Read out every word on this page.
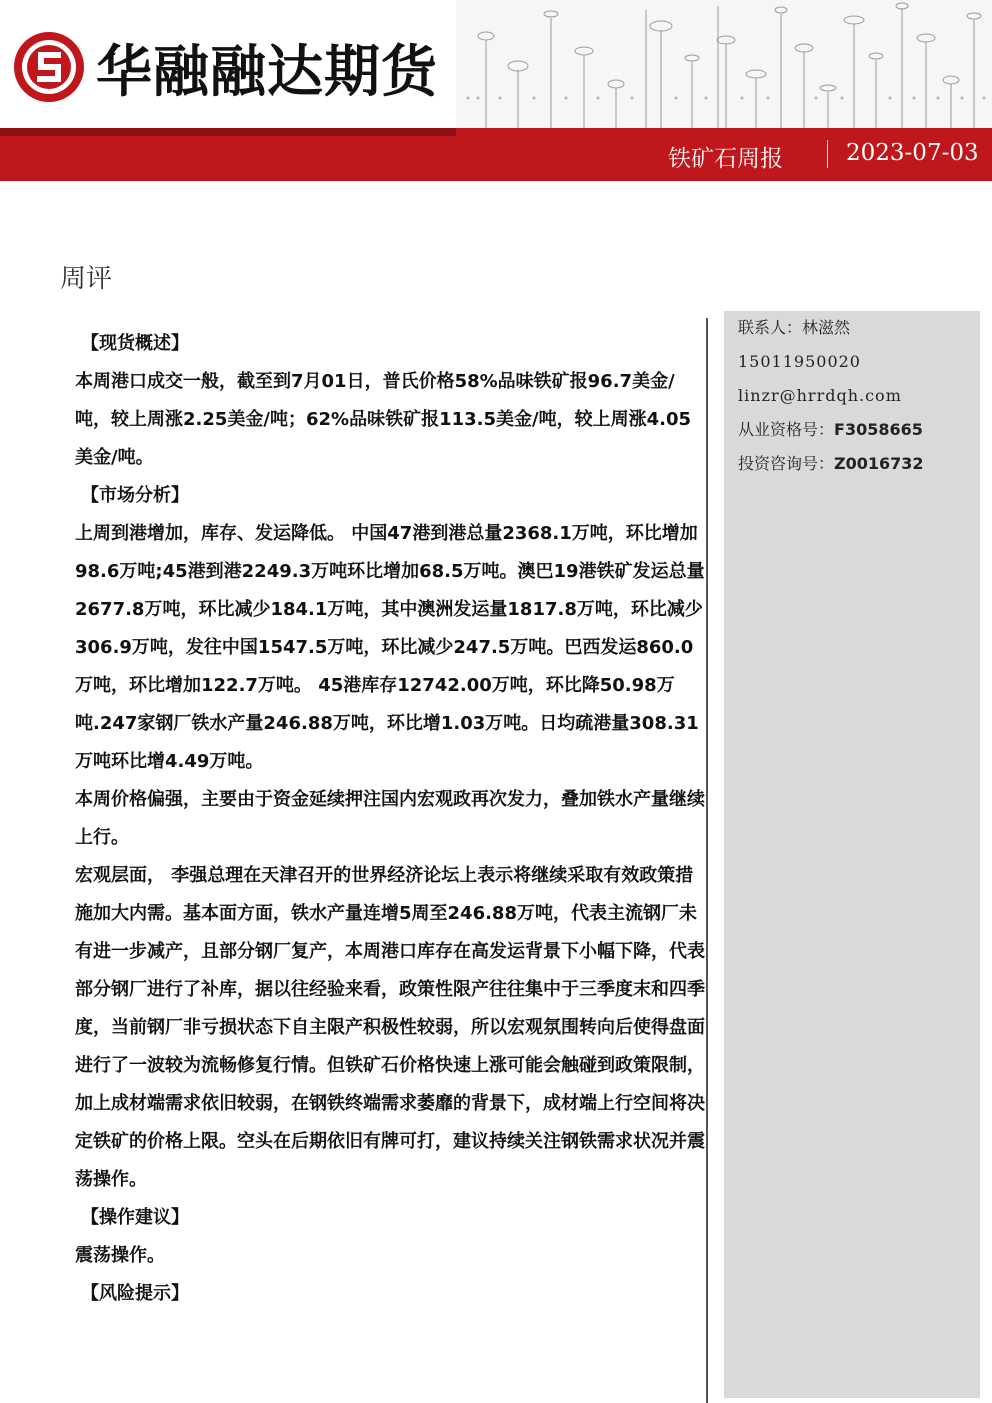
华融融达期货
铁矿石周报	2023-07-03
周评

【现货概述】

本周港口成交一般，截至到7月01日，普氏价格58%品味铁矿报96.7美金/吨，较上周涨2.25美金/吨；62%品味铁矿报113.5美金/吨，较上周涨4.05美金/吨。

【市场分析】

上周到港增加，库存、发运降低。 中国47港到港总量2368.1万吨，环比增加98.6万吨;45港到港2249.3万吨环比增加68.5万吨。澳巴19港铁矿发运总量2677.8万吨，环比减少184.1万吨，其中澳洲发运量1817.8万吨，环比减少306.9万吨，发往中国1547.5万吨，环比减少247.5万吨。巴西发运860.0万吨，环比增加122.7万吨。 45港库存12742.00万吨，环比降50.98万吨.247家钢厂铁水产量246.88万吨，环比增1.03万吨。日均疏港量308.31万吨环比增4.49万吨。

本周价格偏强，主要由于资金延续押注国内宏观政再次发力，叠加铁水产量继续上行。

宏观层面， 李强总理在天津召开的世界经济论坛上表示将继续采取有效政策措施加大内需。基本面方面，铁水产量连增5周至246.88万吨，代表主流钢厂未有进一步减产，且部分钢厂复产，本周港口库存在高发运背景下小幅下降，代表部分钢厂进行了补库，据以往经验来看，政策性限产往往集中于三季度末和四季度，当前钢厂非亏损状态下自主限产积极性较弱，所以宏观氛围转向后使得盘面进行了一波较为流畅修复行情。但铁矿石价格快速上涨可能会触碰到政策限制，加上成材端需求依旧较弱，在钢铁终端需求萎靡的背景下，成材端上行空间将决定铁矿的价格上限。空头在后期依旧有牌可打，建议持续关注钢铁需求状况并震荡操作。

【操作建议】

震荡操作。

【风险提示】

联系人：林滋然
15011950020
linzr@hrrdqh.com
从业资格号：F3058665
投资咨询号：Z0016732
